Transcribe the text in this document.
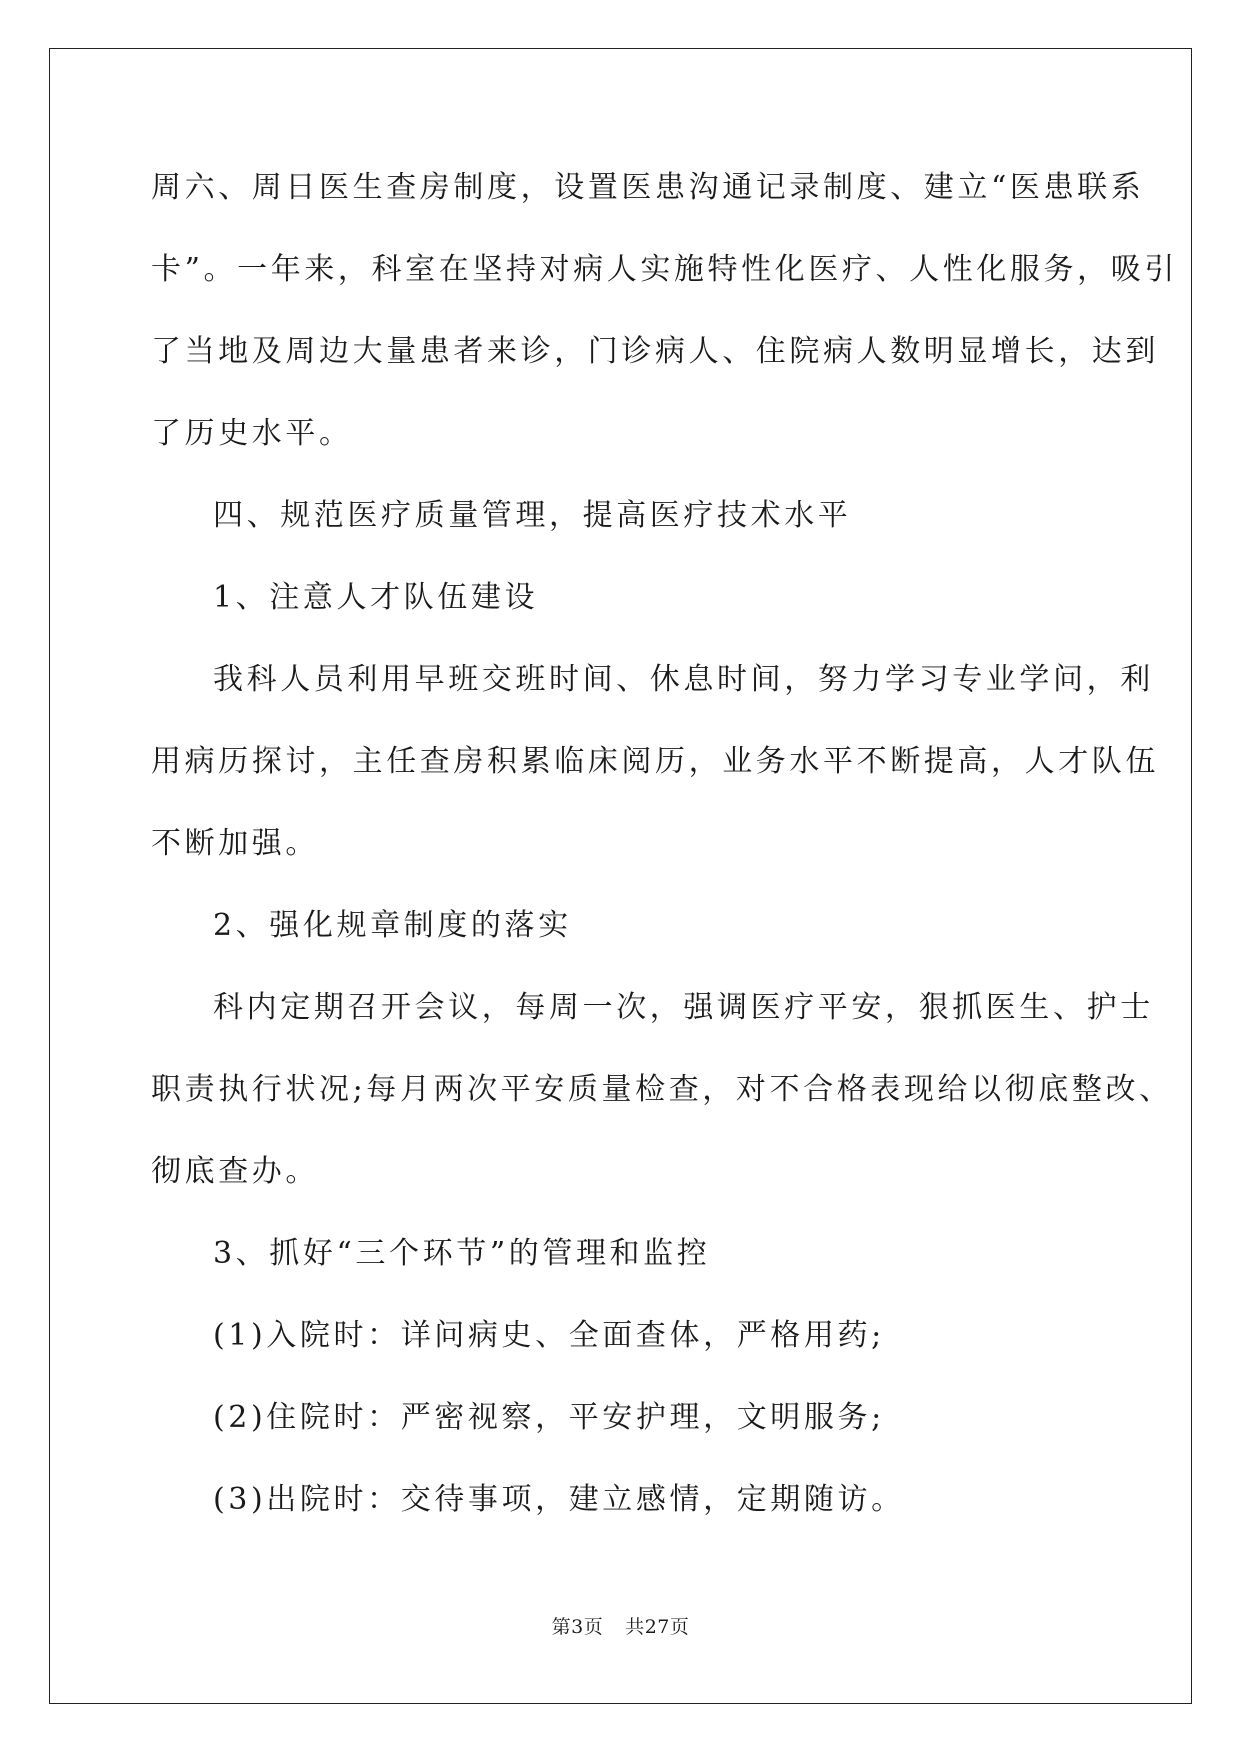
周六、周日医生查房制度，设置医患沟通记录制度、建立“医患联系
卡”。一年来，科室在坚持对病人实施特性化医疗、人性化服务，吸引
了当地及周边大量患者来诊，门诊病人、住院病人数明显增长，达到
了历史水平。
四、规范医疗质量管理，提高医疗技术水平
1、注意人才队伍建设
我科人员利用早班交班时间、休息时间，努力学习专业学问，利
用病历探讨，主任查房积累临床阅历，业务水平不断提高，人才队伍
不断加强。
2、强化规章制度的落实
科内定期召开会议，每周一次，强调医疗平安，狠抓医生、护士
职责执行状况;每月两次平安质量检查，对不合格表现给以彻底整改、
彻底查办。
3、抓好“三个环节”的管理和监控
(1)入院时：详问病史、全面查体，严格用药;
(2)住院时：严密视察，平安护理，文明服务;
(3)出院时：交待事项，建立感情，定期随访。
第3页 共27页
